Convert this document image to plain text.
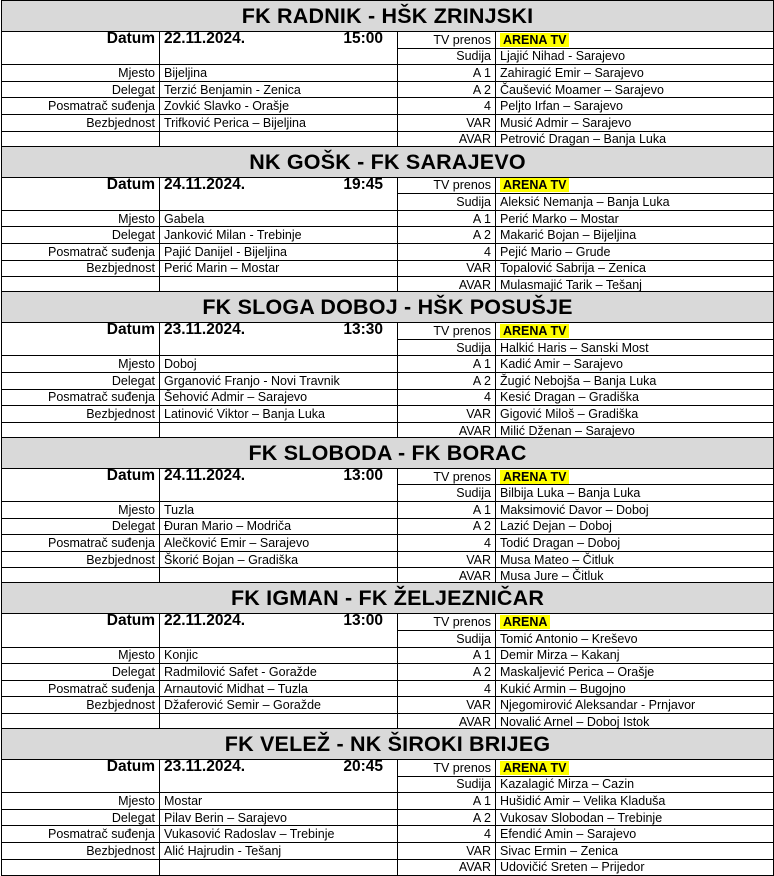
FK RADNIK - HŠK ZRINJSKI			
Datum	22.11.2024. 15:00	TV prenos	ARENA TV
		Sudija	Ljajić Nihad - Sarajevo
Mjesto	Bijeljina	A 1	Zahiragić Emir – Sarajevo
Delegat	Terzić Benjamin - Zenica	A 2	Čaušević Moamer – Sarajevo
Posmatrač suđenja	Zovkić Slavko - Orašje	4	Peljto Irfan – Sarajevo
Bezbjednost	Trifković Perica – Bijeljina	VAR	Musić Admir – Sarajevo
		AVAR	Petrović Dragan – Banja Luka
NK GOŠK - FK SARAJEVO			
Datum	24.11.2024. 19:45	TV prenos	ARENA TV
		Sudija	Aleksić Nemanja – Banja Luka
Mjesto	Gabela	A 1	Perić Marko – Mostar
Delegat	Janković Milan - Trebinje	A 2	Makarić Bojan – Bijeljina
Posmatrač suđenja	Pajić Danijel - Bijeljina	4	Pejić Mario – Grude
Bezbjednost	Perić Marin – Mostar	VAR	Topalović Sabrija – Zenica
		AVAR	Mulasmajić Tarik – Tešanj
FK SLOGA DOBOJ - HŠK POSUŠJE			
Datum	23.11.2024. 13:30	TV prenos	ARENA TV
		Sudija	Halkić Haris – Sanski Most
Mjesto	Doboj	A 1	Kadić Amir – Sarajevo
Delegat	Grganović Franjo - Novi Travnik	A 2	Žugić Nebojša – Banja Luka
Posmatrač suđenja	Šehović Admir – Sarajevo	4	Kesić Dragan – Gradiška
Bezbjednost	Latinović Viktor – Banja Luka	VAR	Gigović Miloš – Gradiška
		AVAR	Milić Dženan – Sarajevo
FK SLOBODA - FK BORAC			
Datum	24.11.2024. 13:00	TV prenos	ARENA TV
		Sudija	Bilbija Luka – Banja Luka
Mjesto	Tuzla	A 1	Maksimović Davor – Doboj
Delegat	Đuran Mario – Modriča	A 2	Lazić Dejan – Doboj
Posmatrač suđenja	Alečković Emir – Sarajevo	4	Todić Dragan – Doboj
Bezbjednost	Škorić Bojan – Gradiška	VAR	Musa Mateo – Čitluk
		AVAR	Musa Jure – Čitluk
FK IGMAN - FK ŽELJEZNIČAR			
Datum	22.11.2024. 13:00	TV prenos	ARENA
		Sudija	Tomić Antonio – Kreševo
Mjesto	Konjic	A 1	Demir Mirza – Kakanj
Delegat	Radmilović Safet - Goražde	A 2	Maskaljević Perica – Orašje
Posmatrač suđenja	Arnautović Midhat – Tuzla	4	Kukić Armin – Bugojno
Bezbjednost	Džaferović Semir – Goražde	VAR	Njegomirović Aleksandar - Prnjavor
		AVAR	Novalić Arnel – Doboj Istok
FK VELEŽ - NK ŠIROKI BRIJEG			
Datum	23.11.2024. 20:45	TV prenos	ARENA TV
		Sudija	Kazalagić Mirza – Cazin
Mjesto	Mostar	A 1	Hušidić Amir – Velika Kladuša
Delegat	Pilav Berin – Sarajevo	A 2	Vukosav Slobodan – Trebinje
Posmatrač suđenja	Vukasović Radoslav – Trebinje	4	Efendić Amin – Sarajevo
Bezbjednost	Alić Hajrudin - Tešanj	VAR	Sivac Ermin – Zenica
		AVAR	Udovičić Sreten – Prijedor
